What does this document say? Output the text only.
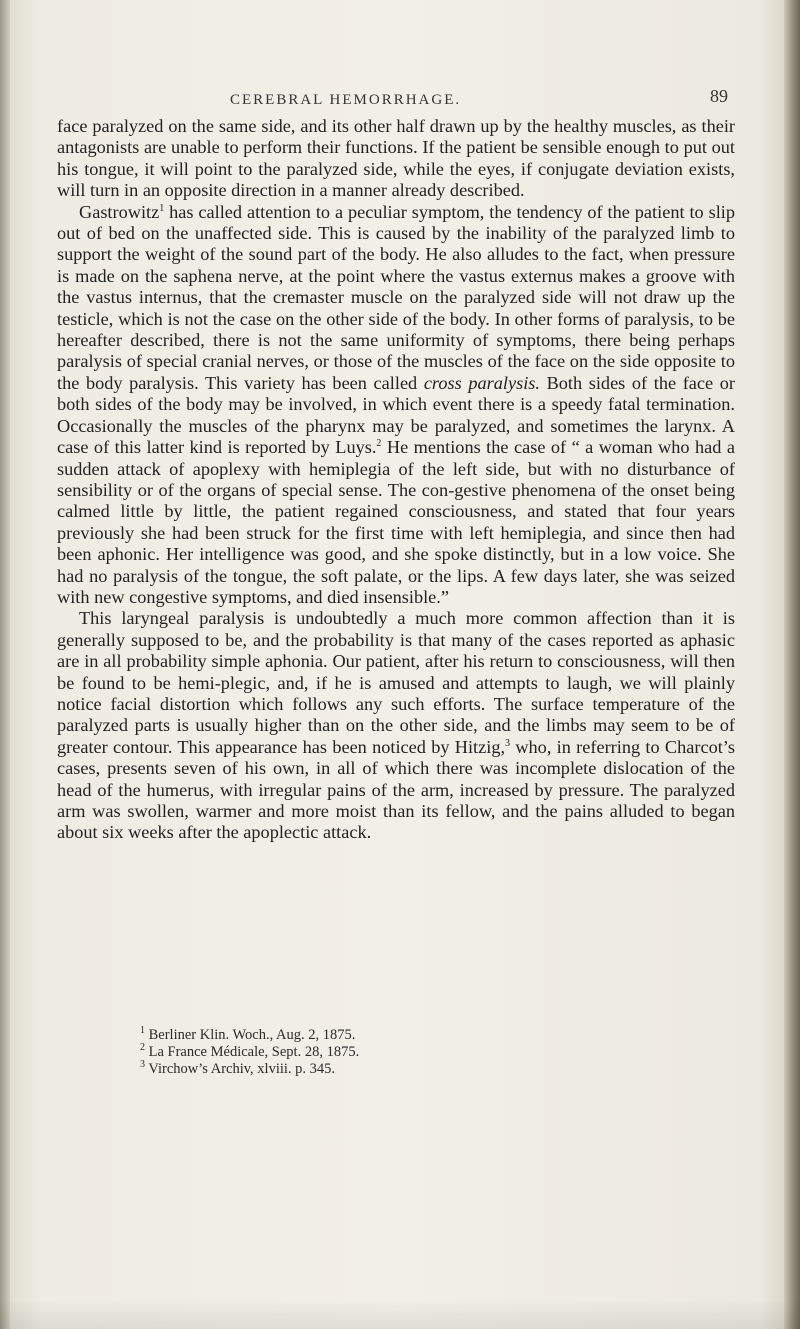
CEREBRAL HEMORRHAGE.	89

face paralyzed on the same side, and its other half drawn up by the healthy muscles, as their antagonists are unable to perform their functions. If the patient be sensible enough to put out his tongue, it will point to the paralyzed side, while the eyes, if conjugate deviation exists, will turn in an opposite direction in a manner already described.

Gastrowitz$^1$ has called attention to a peculiar symptom, the tendency of the patient to slip out of bed on the unaffected side. This is caused by the inability of the paralyzed limb to support the weight of the sound part of the body. He also alludes to the fact, when pressure is made on the saphena nerve, at the point where the vastus externus makes a groove with the vastus internus, that the cremaster muscle on the paralyzed side will not draw up the testicle, which is not the case on the other side of the body. In other forms of paralysis, to be hereafter described, there is not the same uniformity of symptoms, there being perhaps paralysis of special cranial nerves, or those of the muscles of the face on the side opposite to the body paralysis. This variety has been called cross paralysis. Both sides of the face or both sides of the body may be involved, in which event there is a speedy fatal termination. Occasionally the muscles of the pharynx may be paralyzed, and sometimes the larynx. A case of this latter kind is reported by Luys.$^2$ He mentions the case of “ a woman who had a sudden attack of apoplexy with hemiplegia of the left side, but with no disturbance of sensibility or of the organs of special sense. The con-gestive phenomena of the onset being calmed little by little, the patient regained consciousness, and stated that four years previously she had been struck for the first time with left hemiplegia, and since then had been aphonic. Her intelligence was good, and she spoke distinctly, but in a low voice. She had no paralysis of the tongue, the soft palate, or the lips. A few days later, she was seized with new congestive symptoms, and died insensible.”

This laryngeal paralysis is undoubtedly a much more common affection than it is generally supposed to be, and the probability is that many of the cases reported as aphasic are in all probability simple aphonia. Our patient, after his return to consciousness, will then be found to be hemi-plegic, and, if he is amused and attempts to laugh, we will plainly notice facial distortion which follows any such efforts. The surface temperature of the paralyzed parts is usually higher than on the other side, and the limbs may seem to be of greater contour. This appearance has been noticed by Hitzig,$^3$ who, in referring to Charcot’s cases, presents seven of his own, in all of which there was incomplete dislocation of the head of the humerus, with irregular pains of the arm, increased by pressure. The paralyzed arm was swollen, warmer and more moist than its fellow, and the pains alluded to began about six weeks after the apoplectic attack.

$^1$ Berliner Klin. Woch., Aug. 2, 1875.

$^2$ La France Médicale, Sept. 28, 1875.

$^3$ Virchow’s Archiv, xlviii. p. 345.
